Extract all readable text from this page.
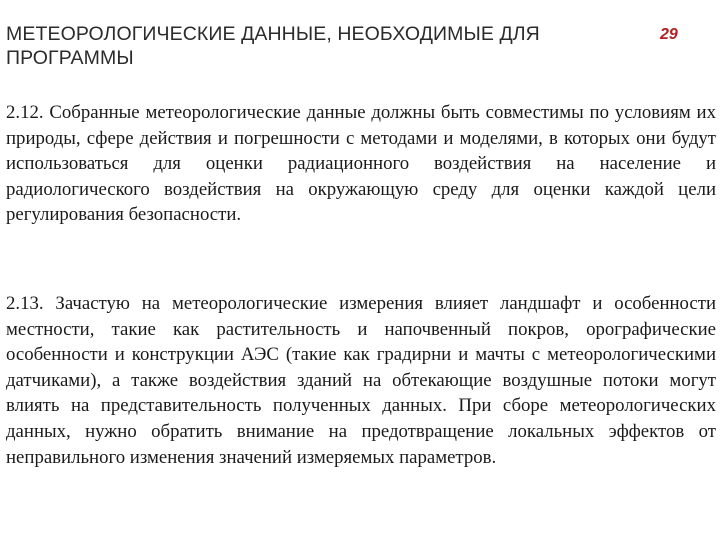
МЕТЕОРОЛОГИЧЕСКИЕ ДАННЫЕ, НЕОБХОДИМЫЕ ДЛЯ ПРОГРАММЫ
29

2.12. Собранные метеорологические данные должны быть совместимы по условиям их природы, сфере действия и погрешности с методами и моделями, в которых они будут использоваться для оценки радиационного воздействия на население и радиологического воздействия на окружающую среду для оценки каждой цели регулирования безопасности.

2.13. Зачастую на метеорологические измерения влияет ландшафт и особенности местности, такие как растительность и напочвенный покров, орографические особенности и конструкции АЭС (такие как градирни и мачты с метеорологическими датчиками), а также воздействия зданий на обтекающие воздушные потоки могут влиять на представительность полученных данных. При сборе метеорологических данных, нужно обратить внимание на предотвращение локальных эффектов от неправильного изменения значений измеряемых параметров.
